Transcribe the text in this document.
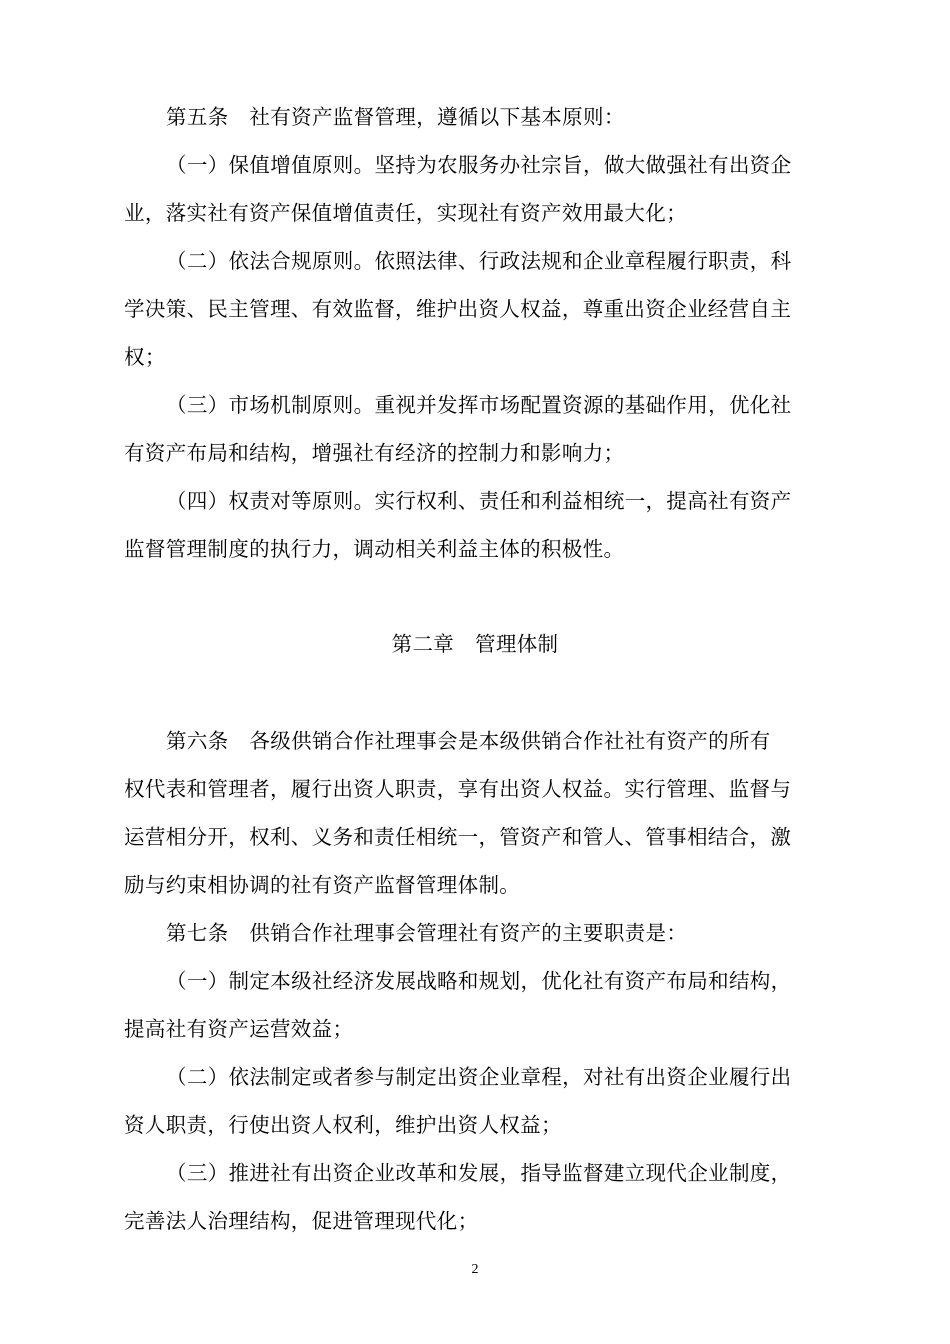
第五条　社有资产监督管理，遵循以下基本原则：
（一）保值增值原则。坚持为农服务办社宗旨，做大做强社有出资企
业，落实社有资产保值增值责任，实现社有资产效用最大化；
（二）依法合规原则。依照法律、行政法规和企业章程履行职责，科
学决策、民主管理、有效监督，维护出资人权益，尊重出资企业经营自主
权；
（三）市场机制原则。重视并发挥市场配置资源的基础作用，优化社
有资产布局和结构，增强社有经济的控制力和影响力；
（四）权责对等原则。实行权利、责任和利益相统一，提高社有资产
监督管理制度的执行力，调动相关利益主体的积极性。
第二章　管理体制
第六条　各级供销合作社理事会是本级供销合作社社有资产的所有
权代表和管理者，履行出资人职责，享有出资人权益。实行管理、监督与
运营相分开，权利、义务和责任相统一，管资产和管人、管事相结合，激
励与约束相协调的社有资产监督管理体制。
第七条　供销合作社理事会管理社有资产的主要职责是：
（一）制定本级社经济发展战略和规划，优化社有资产布局和结构，
提高社有资产运营效益；
（二）依法制定或者参与制定出资企业章程，对社有出资企业履行出
资人职责，行使出资人权利，维护出资人权益；
（三）推进社有出资企业改革和发展，指导监督建立现代企业制度，
完善法人治理结构，促进管理现代化；
2
